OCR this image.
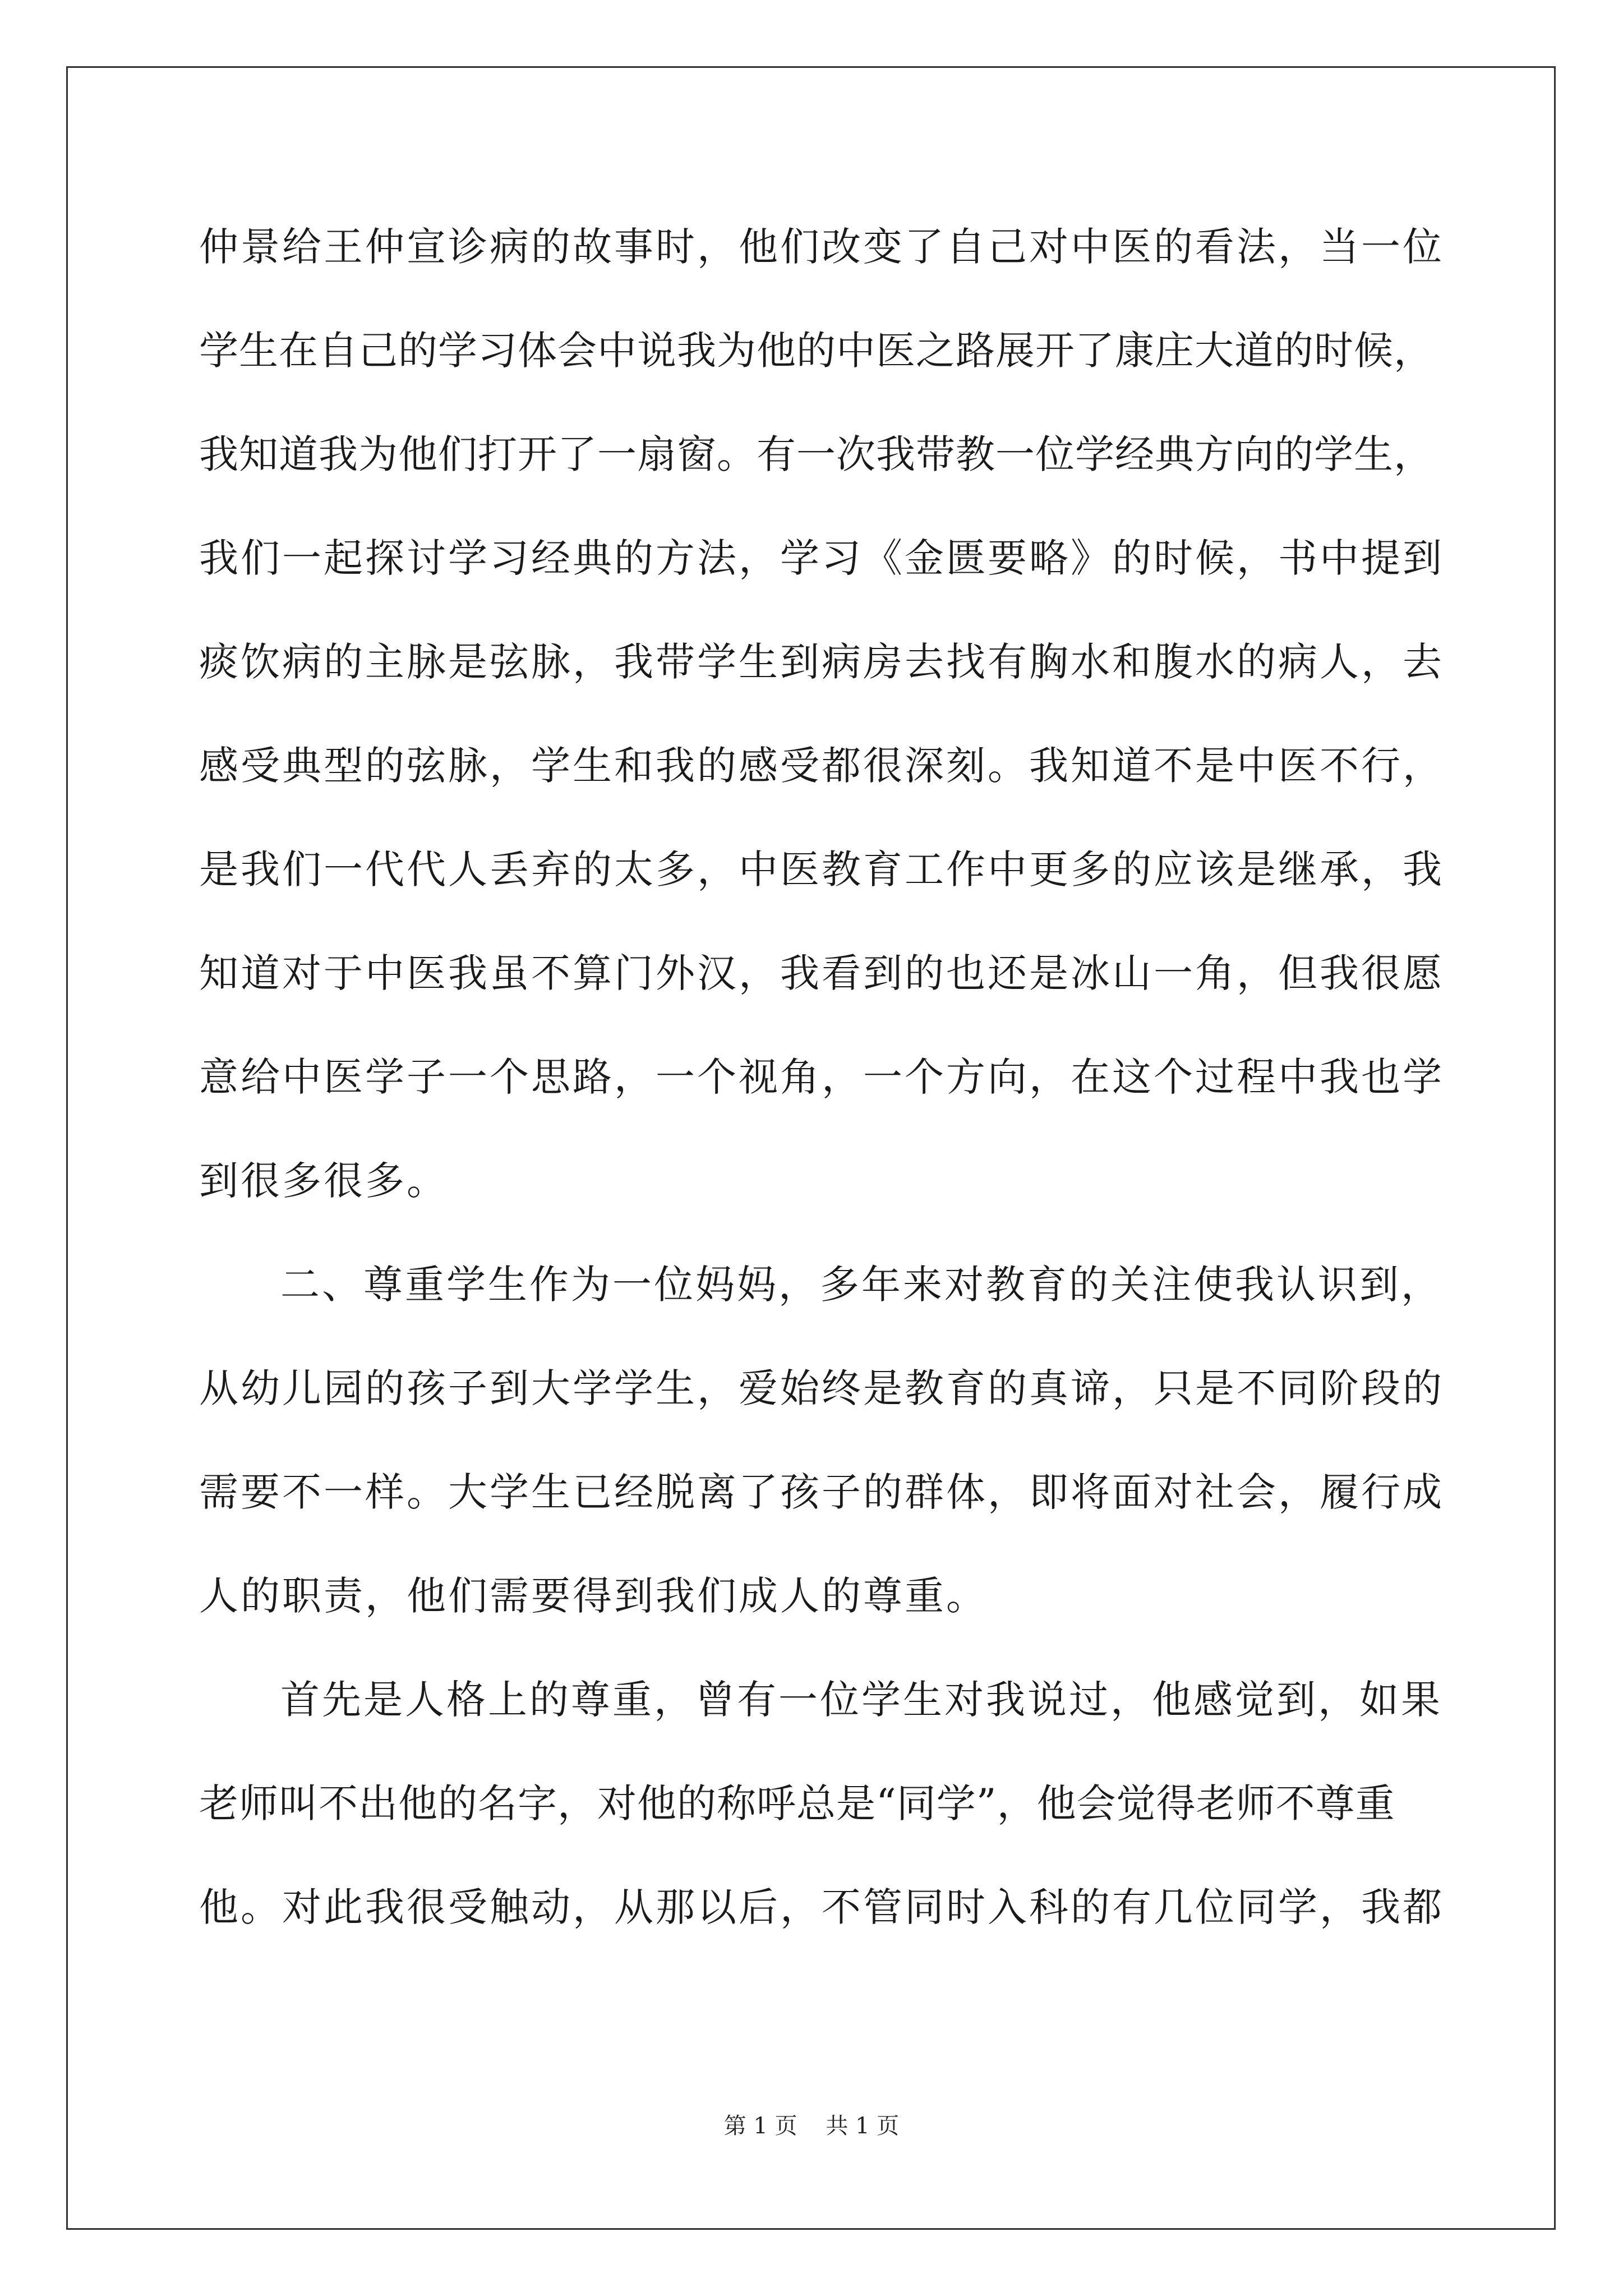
仲景给王仲宣诊病的故事时，他们改变了自己对中医的看法，当一位
学生在自己的学习体会中说我为他的中医之路展开了康庄大道的时候，
我知道我为他们打开了一扇窗。有一次我带教一位学经典方向的学生，
我们一起探讨学习经典的方法，学习《金匮要略》的时候，书中提到
痰饮病的主脉是弦脉，我带学生到病房去找有胸水和腹水的病人，去
感受典型的弦脉，学生和我的感受都很深刻。我知道不是中医不行，
是我们一代代人丢弃的太多，中医教育工作中更多的应该是继承，我
知道对于中医我虽不算门外汉，我看到的也还是冰山一角，但我很愿
意给中医学子一个思路，一个视角，一个方向，在这个过程中我也学
到很多很多。
二、尊重学生作为一位妈妈，多年来对教育的关注使我认识到，
从幼儿园的孩子到大学学生，爱始终是教育的真谛，只是不同阶段的
需要不一样。大学生已经脱离了孩子的群体，即将面对社会，履行成
人的职责，他们需要得到我们成人的尊重。
首先是人格上的尊重，曾有一位学生对我说过，他感觉到，如果
老师叫不出他的名字，对他的称呼总是“同学”，他会觉得老师不尊重
他。对此我很受触动，从那以后，不管同时入科的有几位同学，我都
第 1 页    共 1 页
